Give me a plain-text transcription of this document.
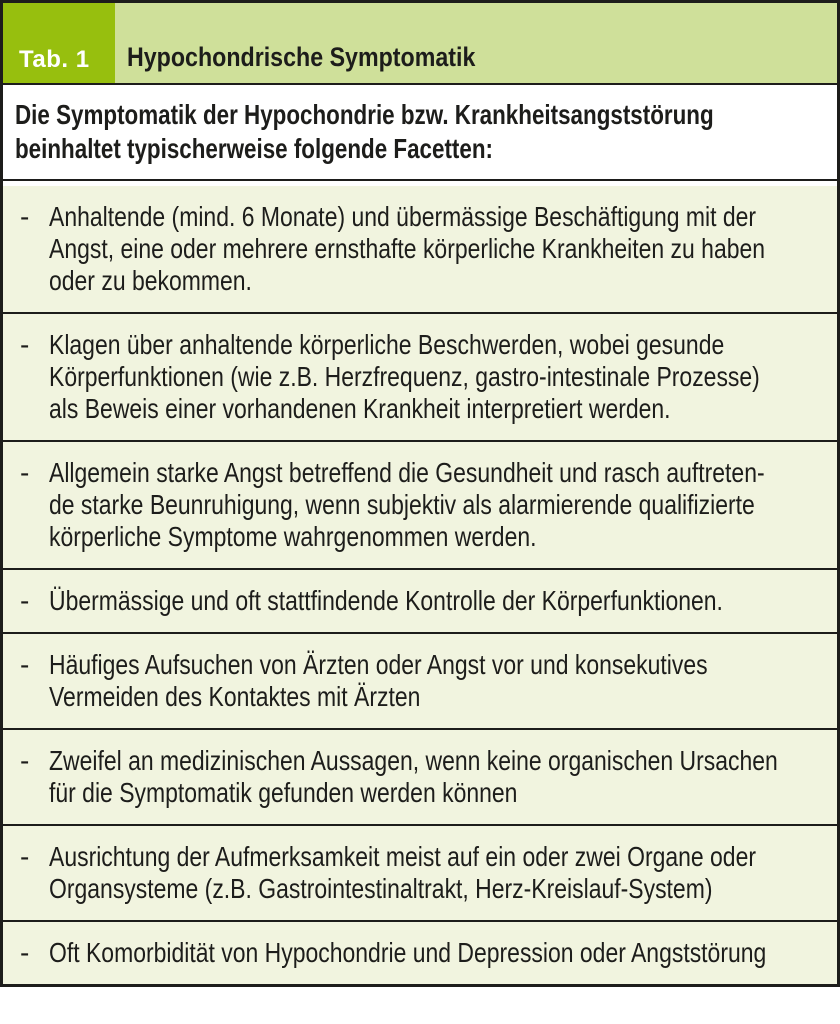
Tab. 1 Hypochondrische Symptomatik
Die Symptomatik der Hypochondrie bzw. Krankheitsangststörung
beinhaltet typischerweise folgende Facetten:
- Anhaltende (mind. 6 Monate) und übermässige Beschäftigung mit der
Angst, eine oder mehrere ernsthafte körperliche Krankheiten zu haben
oder zu bekommen.
- Klagen über anhaltende körperliche Beschwerden, wobei gesunde
Körperfunktionen (wie z.B. Herzfrequenz, gastro-intestinale Prozesse)
als Beweis einer vorhandenen Krankheit interpretiert werden.
- Allgemein starke Angst betreffend die Gesundheit und rasch auftreten-
de starke Beunruhigung, wenn subjektiv als alarmierende qualifizierte
körperliche Symptome wahrgenommen werden.
- Übermässige und oft stattfindende Kontrolle der Körperfunktionen.
- Häufiges Aufsuchen von Ärzten oder Angst vor und konsekutives
Vermeiden des Kontaktes mit Ärzten
- Zweifel an medizinischen Aussagen, wenn keine organischen Ursachen
für die Symptomatik gefunden werden können
- Ausrichtung der Aufmerksamkeit meist auf ein oder zwei Organe oder
Organsysteme (z.B. Gastrointestinaltrakt, Herz-Kreislauf-System)
- Oft Komorbidität von Hypochondrie und Depression oder Angststörung
